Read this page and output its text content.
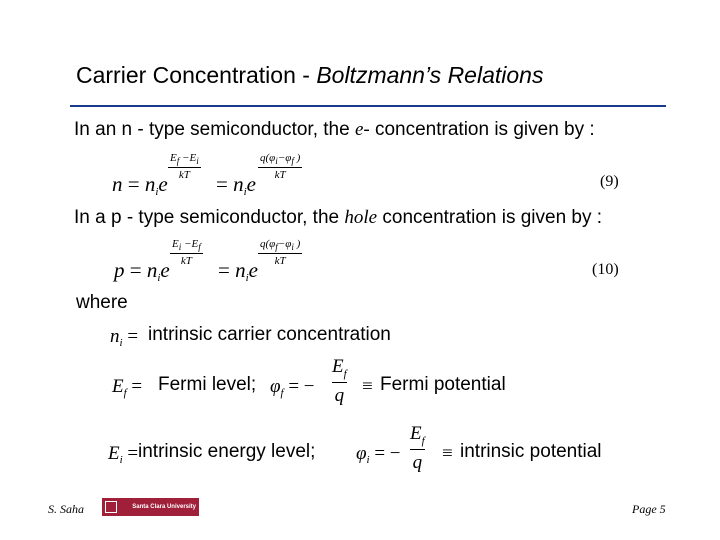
Carrier Concentration - Boltzmann’s Relations
In an n - type semiconductor, the e- concentration is given by :
$n = n_ie$
$E_f -E_i$
kT	= $n_ie$
$q(\varphi_i-\varphi_f$ )
kT	(9)
In a p - type semiconductor, the hole concentration is given by :
$p = n_ie$
$E_i -E_f$
kT	= $n_ie$
$q(\varphi_f-\varphi_i$ )
kT	(10)
where
$n_i$ = intrinsic carrier concentration
$E_f$ = Fermi level; $\varphi_f$ = −
$E_f$
q ≡ Fermi potential
$E_i$ = intrinsic energy level; $\varphi_i$ = −
$E_f$
q ≡ intrinsic potential
S. Saha	Santa Clara University	Page 5
